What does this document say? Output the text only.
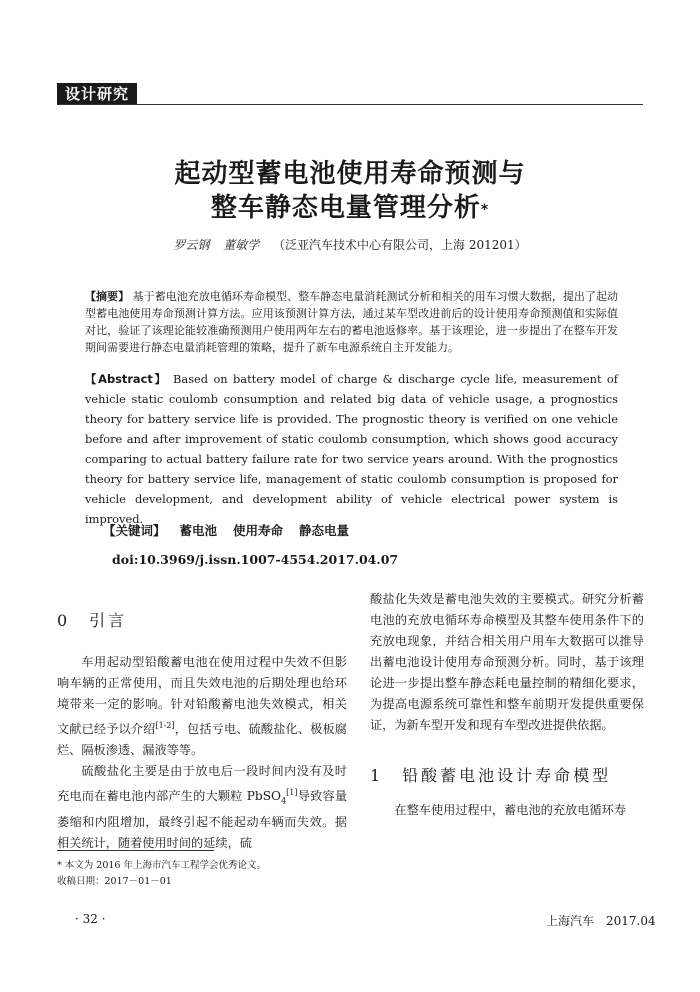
设计研究
起动型蓄电池使用寿命预测与
整车静态电量管理分析*
罗云钢 董敏学 （泛亚汽车技术中心有限公司，上海 201201）
【摘要】 基于蓄电池充放电循环寿命模型、整车静态电量消耗测试分析和相关的用车习惯大数据，提出了起动型蓄电池使用寿命预测计算方法。应用该预测计算方法，通过某车型改进前后的设计使用寿命预测值和实际值对比，验证了该理论能较准确预测用户使用两年左右的蓄电池返修率。基于该理论，进一步提出了在整车开发期间需要进行静态电量消耗管理的策略，提升了新车电源系统自主开发能力。
【Abstract】 Based on battery model of charge & discharge cycle life, measurement of vehicle static coulomb consumption and related big data of vehicle usage, a prognostics theory for battery service life is provided. The prognostic theory is verified on one vehicle before and after improvement of static coulomb consumption, which shows good accuracy comparing to actual battery failure rate for two service years around. With the prognostics theory for battery service life, management of static coulomb consumption is proposed for vehicle development, and development ability of vehicle electrical power system is improved.
【关键词】 蓄电池 使用寿命 静态电量
doi:10.3969/j.issn.1007-4554.2017.04.07
0　引言

车用起动型铅酸蓄电池在使用过程中失效不但影响车辆的正常使用，而且失效电池的后期处理也给环境带来一定的影响。针对铅酸蓄电池失效模式，相关文献已经予以介绍[1-2]，包括亏电、硫酸盐化、极板腐烂、隔板渗透、漏液等等。

硫酸盐化主要是由于放电后一段时间内没有及时充电而在蓄电池内部产生的大颗粒 PbSO$_4$[1]导致容量萎缩和内阻增加，最终引起不能起动车辆而失效。据相关统计，随着使用时间的延续，硫

酸盐化失效是蓄电池失效的主要模式。研究分析蓄电池的充放电循环寿命模型及其整车使用条件下的充放电现象，并结合相关用户用车大数据可以推导出蓄电池设计使用寿命预测分析。同时，基于该理论进一步提出整车静态耗电量控制的精细化要求，为提高电源系统可靠性和整车前期开发提供重要保证，为新车型开发和现有车型改进提供依据。
1　铅酸蓄电池设计寿命模型

在整车使用过程中，蓄电池的充放电循环寿

* 本文为 2016 年上海市汽车工程学会优秀论文。
收稿日期：2017－01－01
· 32 ·	上海汽车　2017.04
